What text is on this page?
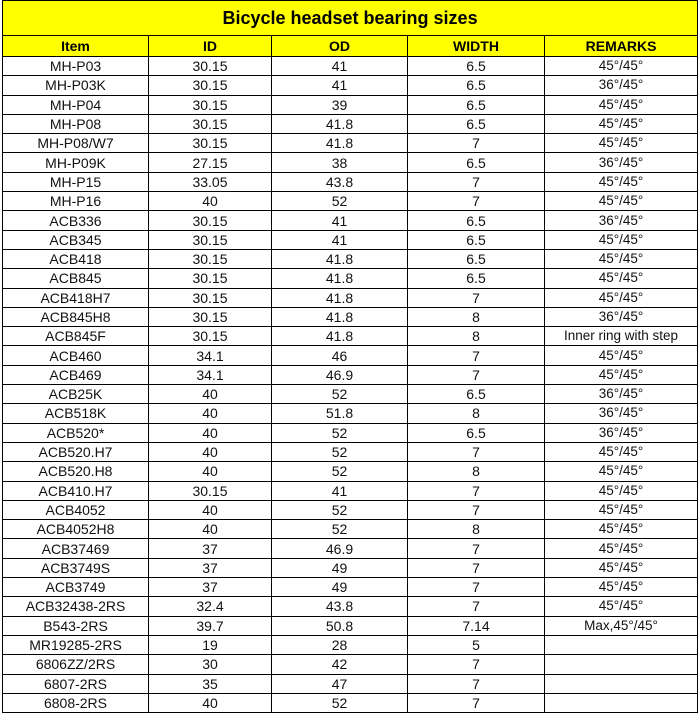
Bicycle headset bearing sizes				
Item	ID	OD	WIDTH	REMARKS
MH-P03	30.15	41	6.5	45°/45°
MH-P03K	30.15	41	6.5	36°/45°
MH-P04	30.15	39	6.5	45°/45°
MH-P08	30.15	41.8	6.5	45°/45°
MH-P08/W7	30.15	41.8	7	45°/45°
MH-P09K	27.15	38	6.5	36°/45°
MH-P15	33.05	43.8	7	45°/45°
MH-P16	40	52	7	45°/45°
ACB336	30.15	41	6.5	36°/45°
ACB345	30.15	41	6.5	45°/45°
ACB418	30.15	41.8	6.5	45°/45°
ACB845	30.15	41.8	6.5	45°/45°
ACB418H7	30.15	41.8	7	45°/45°
ACB845H8	30.15	41.8	8	36°/45°
ACB845F	30.15	41.8	8	Inner ring with step
ACB460	34.1	46	7	45°/45°
ACB469	34.1	46.9	7	45°/45°
ACB25K	40	52	6.5	36°/45°
ACB518K	40	51.8	8	36°/45°
ACB520*	40	52	6.5	36°/45°
ACB520.H7	40	52	7	45°/45°
ACB520.H8	40	52	8	45°/45°
ACB410.H7	30.15	41	7	45°/45°
ACB4052	40	52	7	45°/45°
ACB4052H8	40	52	8	45°/45°
ACB37469	37	46.9	7	45°/45°
ACB3749S	37	49	7	45°/45°
ACB3749	37	49	7	45°/45°
ACB32438-2RS	32.4	43.8	7	45°/45°
B543-2RS	39.7	50.8	7.14	Max,45°/45°
MR19285-2RS	19	28	5	
6806ZZ/2RS	30	42	7	
6807-2RS	35	47	7	
6808-2RS	40	52	7	
